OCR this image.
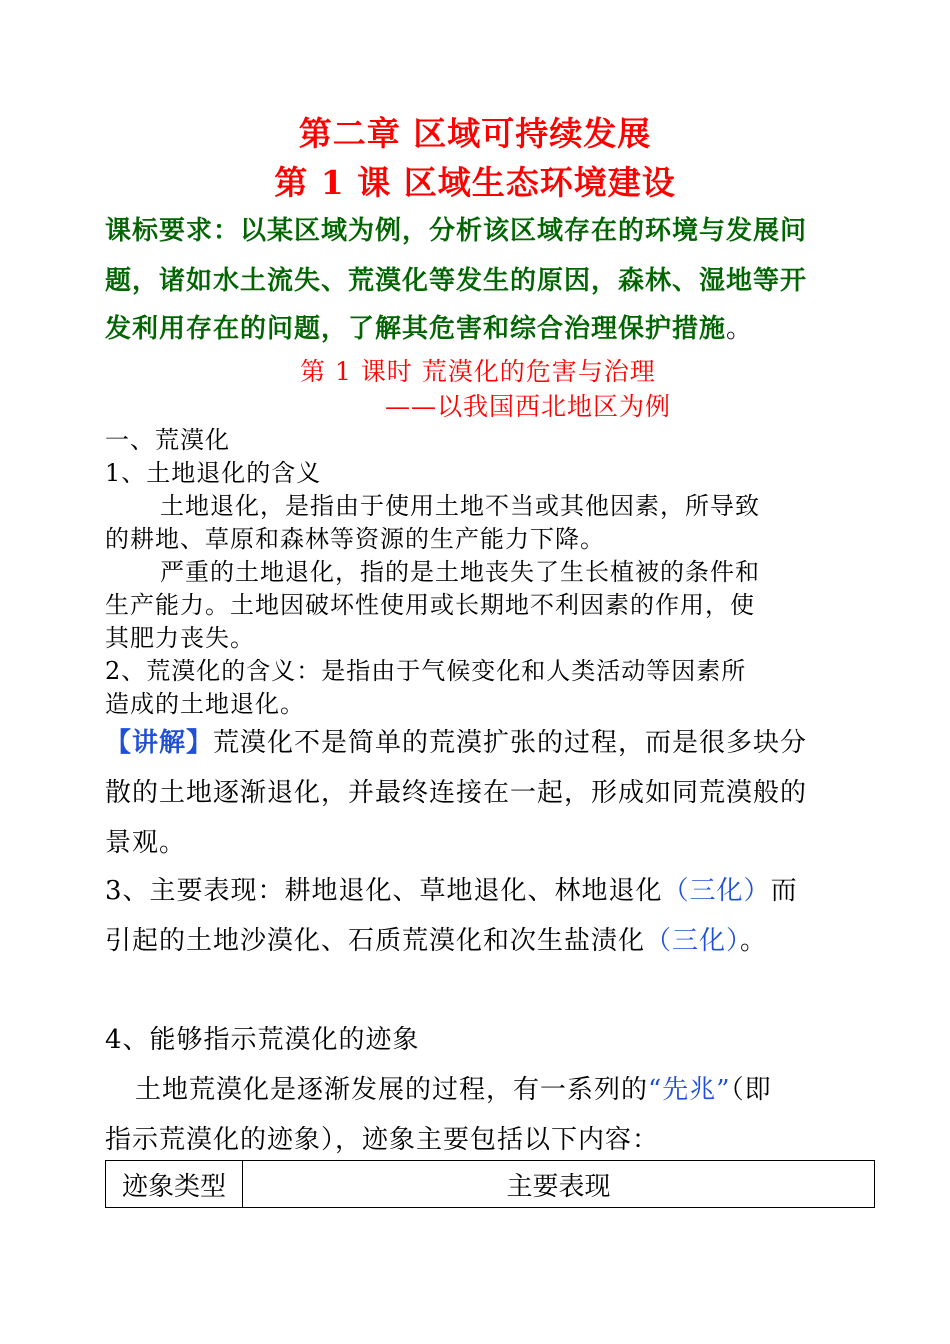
第二章 区域可持续发展
第 1 课 区域生态环境建设
课标要求：以某区域为例，分析该区域存在的环境与发展问
题，诸如水土流失、荒漠化等发生的原因，森林、湿地等开
发利用存在的问题，了解其危害和综合治理保护措施。
第 1 课时 荒漠化的危害与治理
——以我国西北地区为例
一、荒漠化
1、土地退化的含义
土地退化，是指由于使用土地不当或其他因素，所导致
的耕地、草原和森林等资源的生产能力下降。
严重的土地退化，指的是土地丧失了生长植被的条件和
生产能力。土地因破坏性使用或长期地不利因素的作用，使
其肥力丧失。
2、荒漠化的含义：是指由于气候变化和人类活动等因素所
造成的土地退化。
【讲解】荒漠化不是简单的荒漠扩张的过程，而是很多块分
散的土地逐渐退化，并最终连接在一起，形成如同荒漠般的
景观。
3、主要表现：耕地退化、草地退化、林地退化（三化）而
引起的土地沙漠化、石质荒漠化和次生盐渍化（三化）。
4、能够指示荒漠化的迹象
土地荒漠化是逐渐发展的过程，有一系列的“先兆”（即
指示荒漠化的迹象），迹象主要包括以下内容：
迹象类型	主要表现
